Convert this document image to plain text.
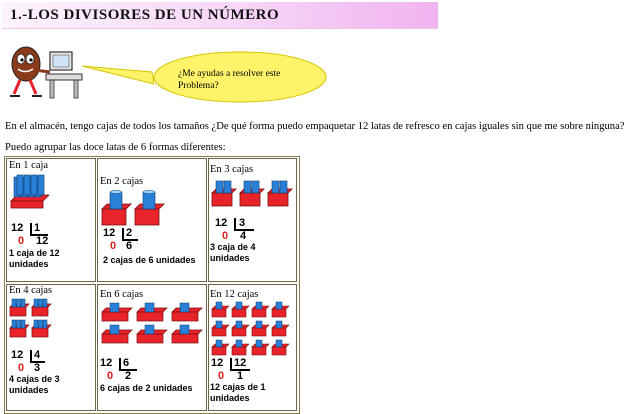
1.-LOS DIVISORES DE UN NÚMERO
¿Me ayudas a resolver este
Problema?
En el almacén, tengo cajas de todos los tamaños ¿De qué forma puedo empaquetar 12 latas de refresco en cajas iguales sin que me sobre ninguna?
Puedo agrupar las doce latas de 6 formas diferentes:
En 1 caja
12 1
0 12
1 caja de 12
unidades
En 2 cajas
12 2
0 6
2 cajas de 6 unidades
En 3 cajas
12 3
0 4
3 caja de 4
unidades
En 4 cajas
12 4
0 3
4 cajas de 3
unidades
En 6 cajas
12 6
0 2
6 cajas de 2 unidades
En 12 cajas
12 12
0 1
12 cajas de 1
unidades
